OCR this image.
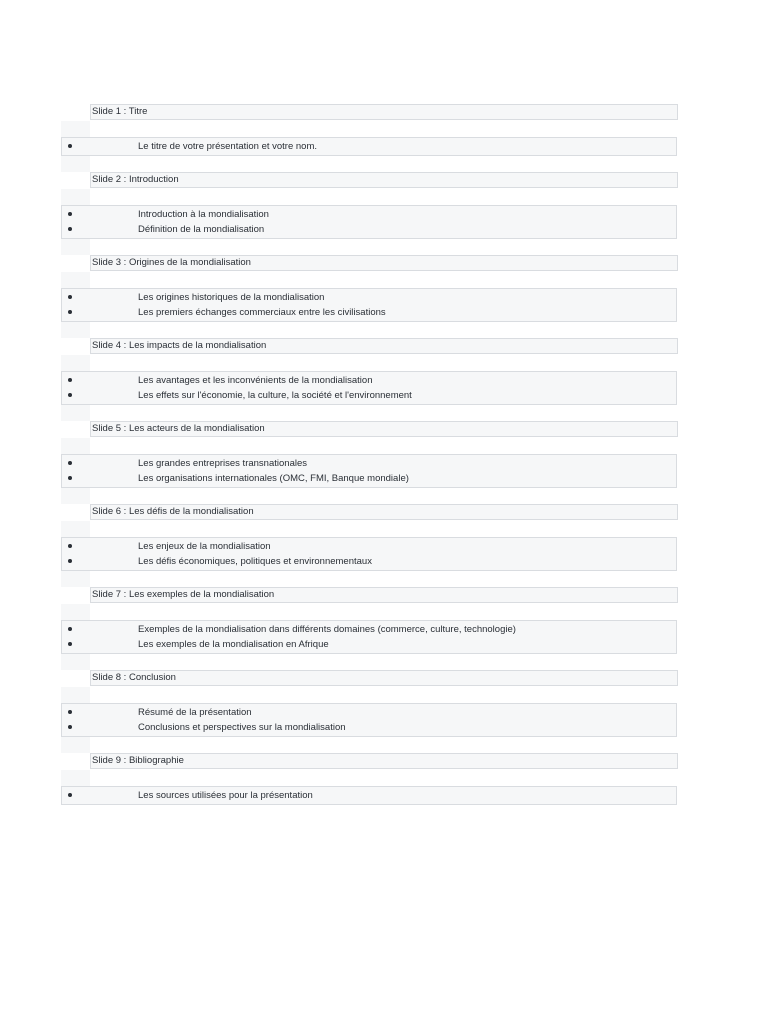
Slide 1 : Titre
Le titre de votre présentation et votre nom.
Slide 2 : Introduction
Introduction à la mondialisation
Définition de la mondialisation
Slide 3 : Origines de la mondialisation
Les origines historiques de la mondialisation
Les premiers échanges commerciaux entre les civilisations
Slide 4 : Les impacts de la mondialisation
Les avantages et les inconvénients de la mondialisation
Les effets sur l'économie, la culture, la société et l'environnement
Slide 5 : Les acteurs de la mondialisation
Les grandes entreprises transnationales
Les organisations internationales (OMC, FMI, Banque mondiale)
Slide 6 : Les défis de la mondialisation
Les enjeux de la mondialisation
Les défis économiques, politiques et environnementaux
Slide 7 : Les exemples de la mondialisation
Exemples de la mondialisation dans différents domaines (commerce, culture, technologie)
Les exemples de la mondialisation en Afrique
Slide 8 : Conclusion
Résumé de la présentation
Conclusions et perspectives sur la mondialisation
Slide 9 : Bibliographie
Les sources utilisées pour la présentation
